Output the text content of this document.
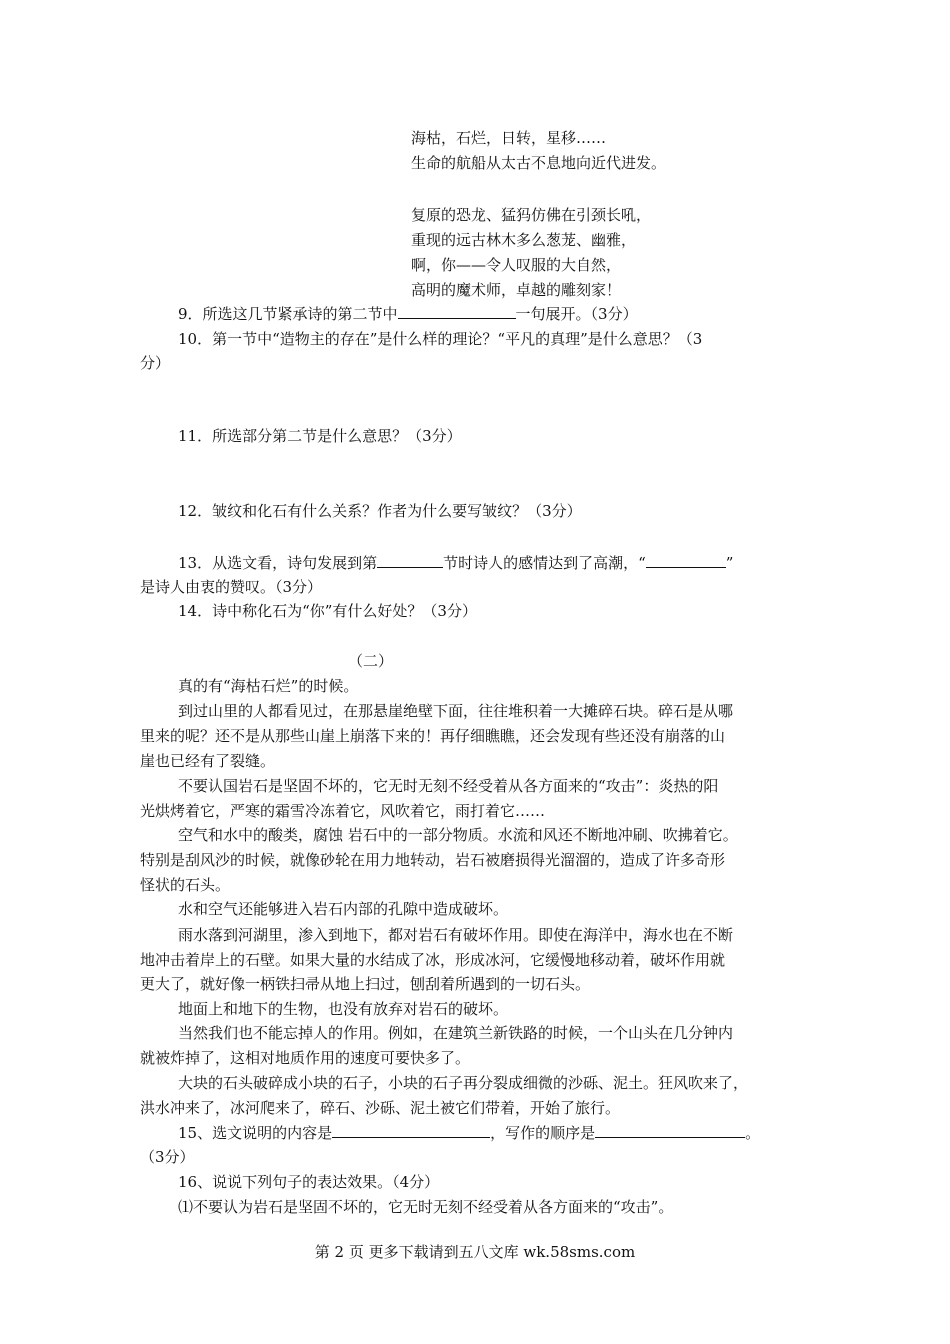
海枯，石烂，日转，星移……
生命的航船从太古不息地向近代进发。
复原的恐龙、猛犸仿佛在引颈长吼，
重现的远古林木多么葱茏、幽雅，
啊，你——令人叹服的大自然，
高明的魔术师，卓越的雕刻家！
9．所选这几节紧承诗的第二节中	一句展开。（3分）
10．第一节中“造物主的存在”是什么样的理论？“平凡的真理”是什么意思？（3
分）
11．所选部分第二节是什么意思？（3分）
12．皱纹和化石有什么关系？作者为什么要写皱纹？（3分）
13．从选文看，诗句发展到第	节时诗人的感情达到了高潮，“	”
是诗人由衷的赞叹。（3分）
14．诗中称化石为“你”有什么好处？（3分）
（二）
真的有“海枯石烂”的时候。
到过山里的人都看见过，在那悬崖绝壁下面，往往堆积着一大摊碎石块。碎石是从哪
里来的呢？还不是从那些山崖上崩落下来的！再仔细瞧瞧，还会发现有些还没有崩落的山
崖也已经有了裂缝。
不要认国岩石是坚固不坏的，它无时无刻不经受着从各方面来的“攻击”：炎热的阳
光烘烤着它，严寒的霜雪冷冻着它，风吹着它，雨打着它……
空气和水中的酸类，腐蚀 岩石中的一部分物质。水流和风还不断地冲刷、吹拂着它。
特别是刮风沙的时候，就像砂轮在用力地转动，岩石被磨损得光溜溜的，造成了许多奇形
怪状的石头。
水和空气还能够进入岩石内部的孔隙中造成破坏。
雨水落到河湖里，渗入到地下，都对岩石有破坏作用。即使在海洋中，海水也在不断
地冲击着岸上的石壁。如果大量的水结成了冰，形成冰河，它缓慢地移动着，破坏作用就
更大了，就好像一柄铁扫帚从地上扫过，刨刮着所遇到的一切石头。
地面上和地下的生物，也没有放弃对岩石的破坏。
当然我们也不能忘掉人的作用。例如，在建筑兰新铁路的时候，一个山头在几分钟内
就被炸掉了，这相对地质作用的速度可要快多了。
大块的石头破碎成小块的石子，小块的石子再分裂成细微的沙砾、泥土。狂风吹来了，
洪水冲来了，冰河爬来了，碎石、沙砾、泥土被它们带着，开始了旅行。
15、选文说明的内容是	，写作的顺序是	。
（3分）
16、说说下列句子的表达效果。（4分）
⑴不要认为岩石是坚固不坏的，它无时无刻不经受着从各方面来的“攻击”。
第 2 页 更多下载请到五八文库 wk.58sms.com
